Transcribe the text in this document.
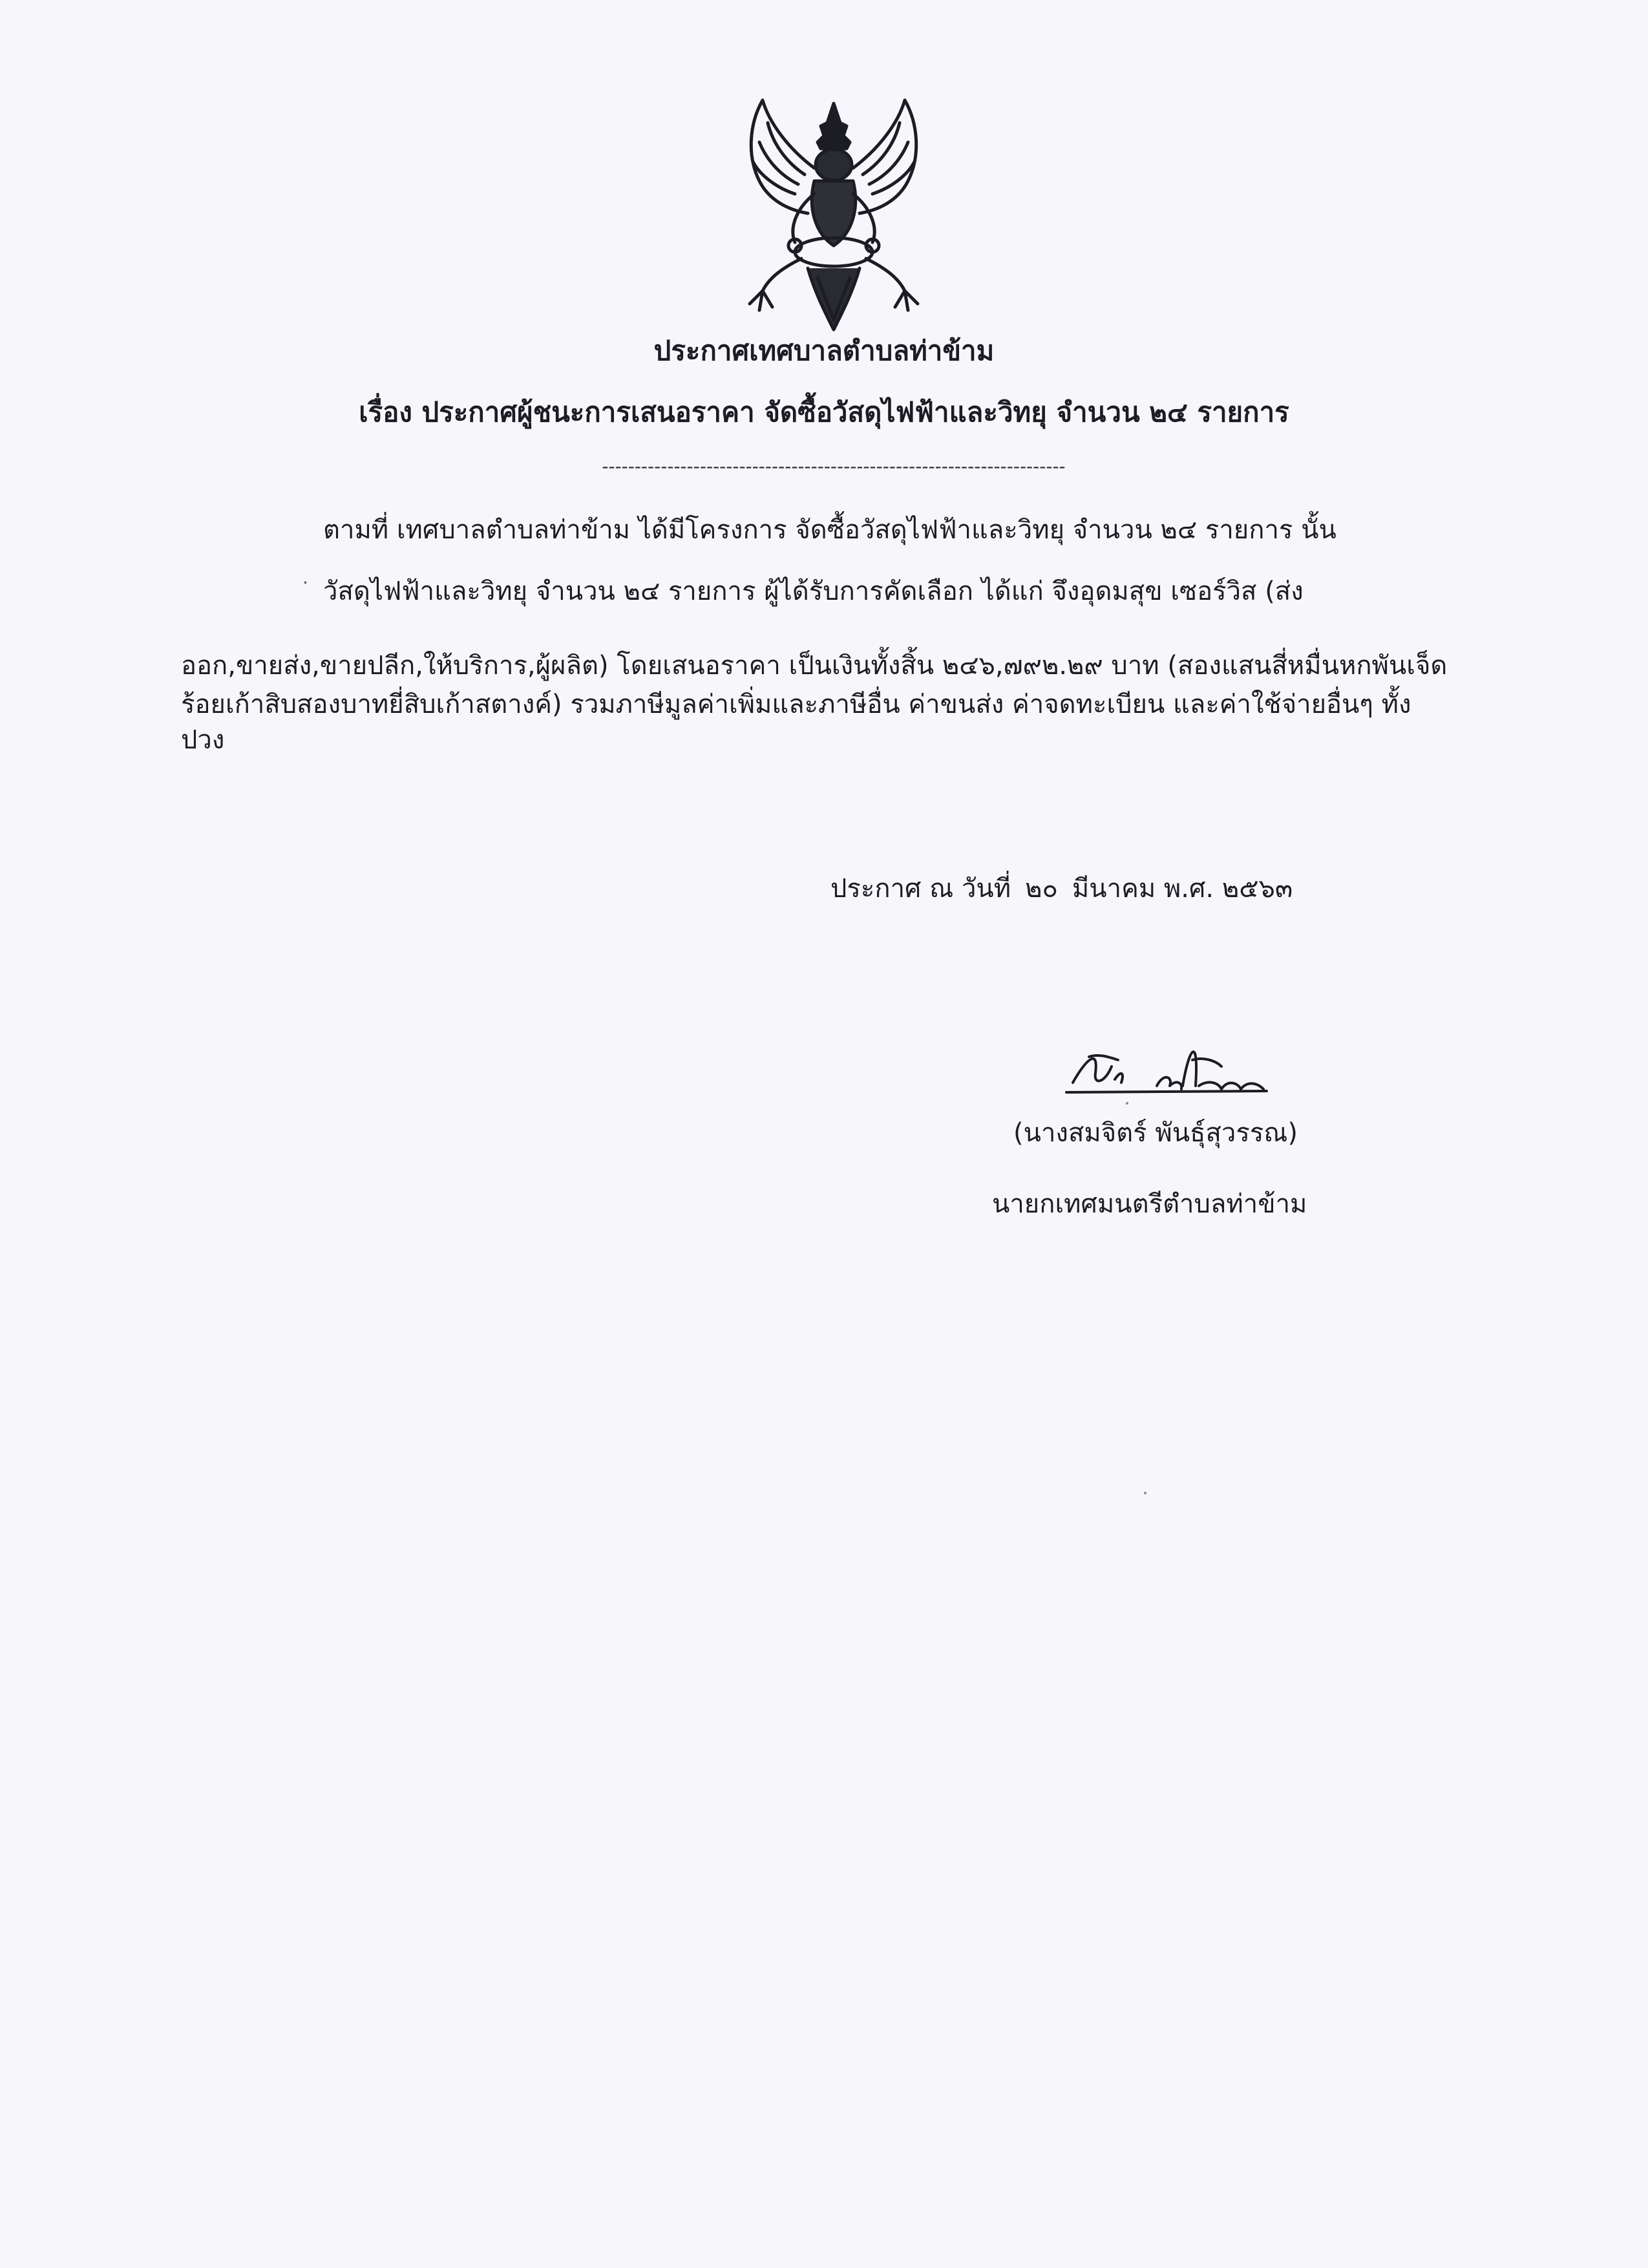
ประกาศเทศบาลตำบลท่าข้าม
เรื่อง ประกาศผู้ชนะการเสนอราคา จัดซื้อวัสดุไฟฟ้าและวิทยุ จำนวน ๒๔ รายการ
-----------------------------------------------------------------------
·
ตามที่ เทศบาลตำบลท่าข้าม ได้มีโครงการ จัดซื้อวัสดุไฟฟ้าและวิทยุ จำนวน ๒๔ รายการ นั้น
วัสดุไฟฟ้าและวิทยุ จำนวน ๒๔ รายการ ผู้ได้รับการคัดเลือก ได้แก่ จึงอุดมสุข เซอร์วิส (ส่ง
ออก,ขายส่ง,ขายปลีก,ให้บริการ,ผู้ผลิต) โดยเสนอราคา เป็นเงินทั้งสิ้น ๒๔๖,๗๙๒.๒๙ บาท (สองแสนสี่หมื่นหกพันเจ็ด
ร้อยเก้าสิบสองบาทยี่สิบเก้าสตางค์) รวมภาษีมูลค่าเพิ่มและภาษีอื่น ค่าขนส่ง ค่าจดทะเบียน และค่าใช้จ่ายอื่นๆ ทั้ง
ปวง
ประกาศ ณ วันที่ ๒๐ มีนาคม พ.ศ. ๒๕๖๓
(นางสมจิตร์ พันธุ์สุวรรณ)
นายกเทศมนตรีตำบลท่าข้าม
